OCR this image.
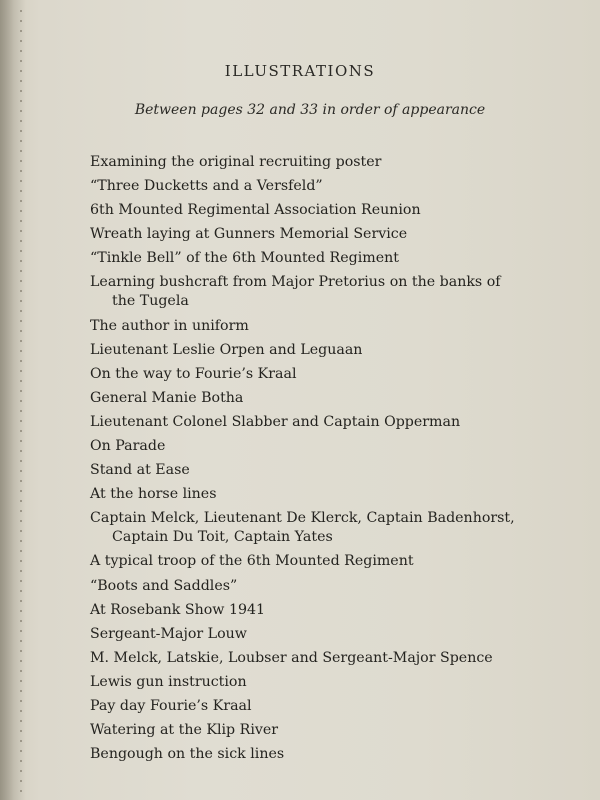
ILLUSTRATIONS
Between pages 32 and 33 in order of appearance
Examining the original recruiting poster
“Three Ducketts and a Versfeld”
6th Mounted Regimental Association Reunion
Wreath laying at Gunners Memorial Service
“Tinkle Bell” of the 6th Mounted Regiment
Learning bushcraft from Major Pretorius on the banks of
the Tugela
The author in uniform
Lieutenant Leslie Orpen and Leguaan
On the way to Fourie’s Kraal
General Manie Botha
Lieutenant Colonel Slabber and Captain Opperman
On Parade
Stand at Ease
At the horse lines
Captain Melck, Lieutenant De Klerck, Captain Badenhorst,
Captain Du Toit, Captain Yates
A typical troop of the 6th Mounted Regiment
“Boots and Saddles”
At Rosebank Show 1941
Sergeant-Major Louw
M. Melck, Latskie, Loubser and Sergeant-Major Spence
Lewis gun instruction
Pay day Fourie’s Kraal
Watering at the Klip River
Bengough on the sick lines
